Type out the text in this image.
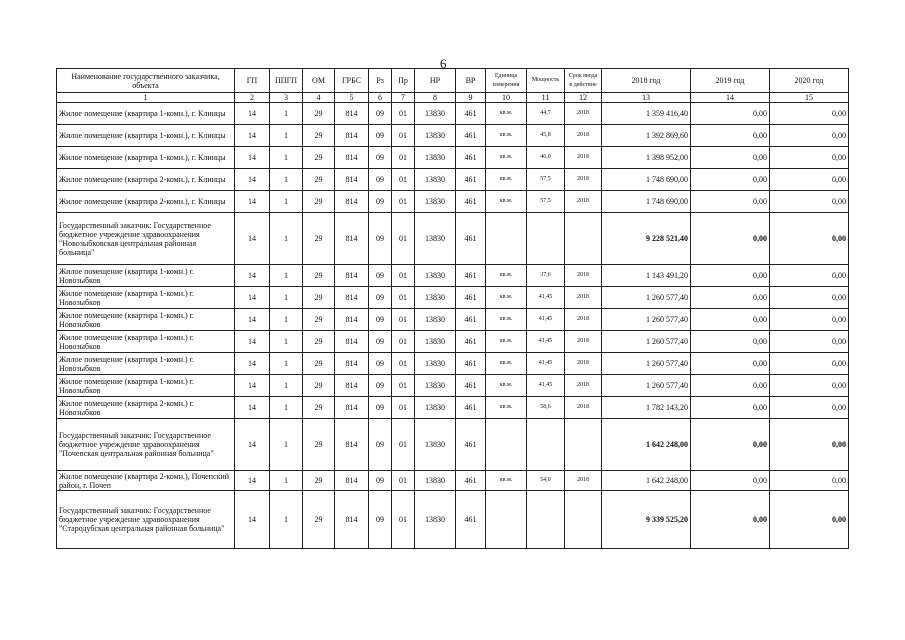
6
Наименование государственного заказчика, объекта	ГП	ППГП	ОМ	ГРБС	Рз	Пр	НР	ВР	Единица измерения	Мощность	Срок ввода в действие	2018 год	2019 год	2020 год
1	2	3	4	5	6	7	8	9	10	11	12	13	14	15
Жилое помещение (квартира 1-комн.), г. Клинцы	14	1	29	814	09	01	13830	461	кв.м.	44,7	2018	1 359 416,40	0,00	0,00
Жилое помещение (квартира 1-комн.), г. Клинцы	14	1	29	814	09	01	13830	461	кв.м.	45,8	2018	1 392 869,60	0,00	0,00
Жилое помещение (квартира 1-комн.), г. Клинцы	14	1	29	814	09	01	13830	461	кв.м.	46,0	2018	1 398 952,00	0,00	0,00
Жилое помещение (квартира 2-комн.), г. Клинцы	14	1	29	814	09	01	13830	461	кв.м.	57,5	2018	1 748 690,00	0,00	0,00
Жилое помещение (квартира 2-комн.), г. Клинцы	14	1	29	814	09	01	13830	461	кв.м.	57,5	2018	1 748 690,00	0,00	0,00
Государственный заказчик: Государственное бюджетное учреждение здравоохранения "Новозыбковская центральная районная больница"	14	1	29	814	09	01	13830	461				9 228 521,40	0,00	0,00
Жилое помещение (квартира 1-комн.) г. Новозыбков	14	1	29	814	09	01	13830	461	кв.м.	37,6	2018	1 143 491,20	0,00	0,00
Жилое помещение (квартира 1-комн.) г. Новозыбков	14	1	29	814	09	01	13830	461	кв.м.	41,45	2018	1 260 577,40	0,00	0,00
Жилое помещение (квартира 1-комн.) г. Новозыбков	14	1	29	814	09	01	13830	461	кв.м.	41,45	2018	1 260 577,40	0,00	0,00
Жилое помещение (квартира 1-комн.) г. Новозыбков	14	1	29	814	09	01	13830	461	кв.м.	41,45	2018	1 260 577,40	0,00	0,00
Жилое помещение (квартира 1-комн.) г. Новозыбков	14	1	29	814	09	01	13830	461	кв.м.	41,45	2018	1 260 577,40	0,00	0,00
Жилое помещение (квартира 1-комн.) г. Новозыбков	14	1	29	814	09	01	13830	461	кв.м.	41,45	2018	1 260 577,40	0,00	0,00
Жилое помещение (квартира 2-комн.) г. Новозыбков	14	1	29	814	09	01	13830	461	кв.м.	58,6	2018	1 782 143,20	0,00	0,00
Государственный заказчик: Государственное бюджетное учреждение здравоохранения "Почепская центральная районная больница"	14	1	29	814	09	01	13830	461				1 642 248,00	0,00	0,00
Жилое помещение (квартира 2-комн.), Почепский район, г. Почеп	14	1	29	814	09	01	13830	461	кв.м.	54,0	2018	1 642 248,00	0,00	0,00
Государственный заказчик: Государственное бюджетное учреждение здравоохранения "Стародубская центральная районная больница"	14	1	29	814	09	01	13830	461				9 339 525,20	0,00	0,00
